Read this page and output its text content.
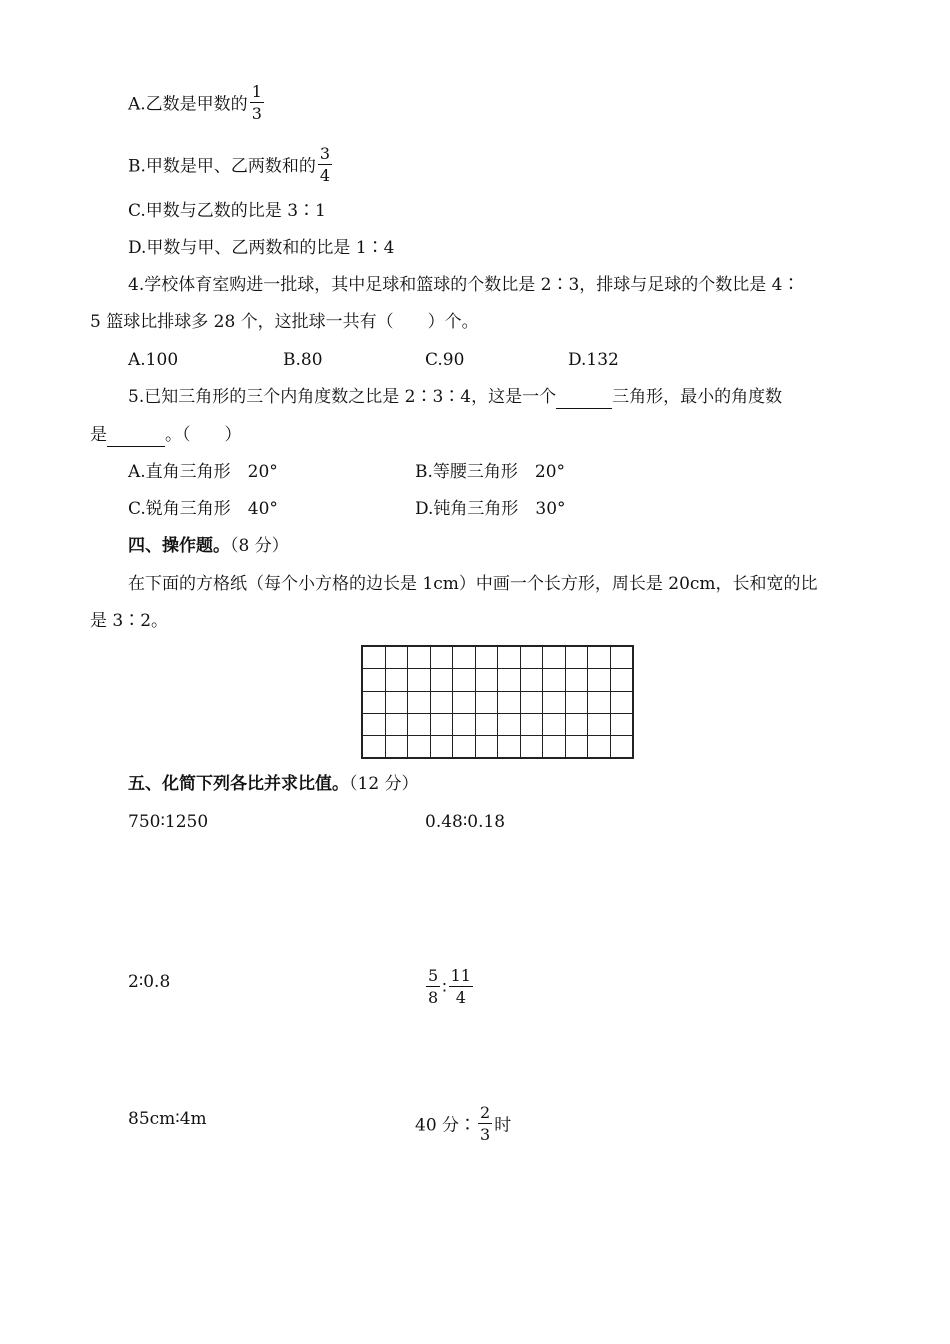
A.乙数是甲数的 $\frac{1}{3}$
B.甲数是甲、乙两数和的 $\frac{3}{4}$
C.甲数与乙数的比是 3∶1
D.甲数与甲、乙两数和的比是 1∶4
4.学校体育室购进一批球，其中足球和篮球的个数比是 2∶3，排球与足球的个数比是 4∶
5 篮球比排球多 28 个，这批球一共有（　　）个。
A.100	B.80	C.90	D.132
5.已知三角形的三个内角度数之比是 2∶3∶4，这是一个	三角形，最小的角度数
是	。（　　）
A.直角三角形　20°	B.等腰三角形　20°
C.锐角三角形　40°	D.钝角三角形　30°
四、操作题。（8 分）
在下面的方格纸（每个小方格的边长是 1cm）中画一个长方形，周长是 20cm，长和宽的比
是 3∶2。

五、化简下列各比并求比值。（12 分）
750∶1250	0.48∶0.18
2∶0.8	$\frac{5}{8}$ ∶ $\frac{11}{4}$
85cm∶4m	40 分∶ $\frac{2}{3}$ 时
